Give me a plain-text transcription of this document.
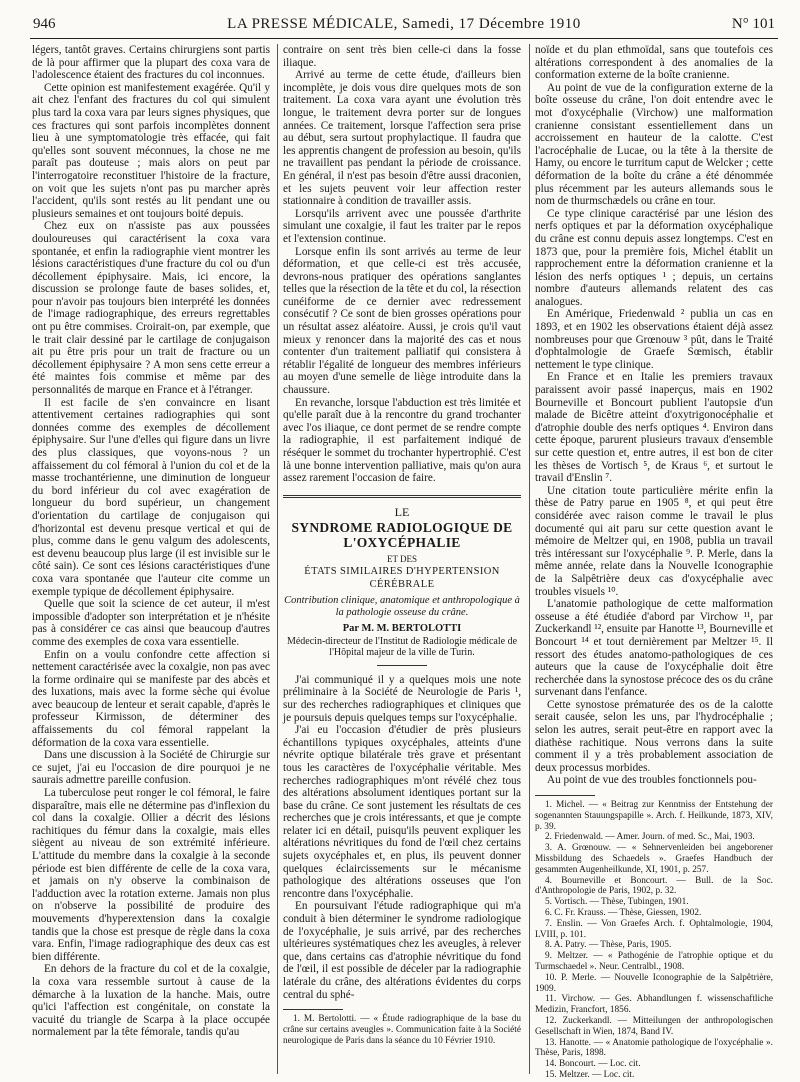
946	LA PRESSE MÉDICALE, Samedi, 17 Décembre 1910	N° 101

légers, tantôt graves. Certains chirurgiens sont partis de là pour affirmer que la plupart des coxa vara de l'adolescence étaient des fractures du col inconnues.

Cette opinion est manifestement exagérée. Qu'il y ait chez l'enfant des fractures du col qui simulent plus tard la coxa vara par leurs signes physiques, que ces fractures qui sont parfois incomplètes donnent lieu à une symptomatologie très effacée, qui fait qu'elles sont souvent méconnues, la chose ne me paraît pas douteuse ; mais alors on peut par l'interrogatoire reconstituer l'histoire de la fracture, on voit que les sujets n'ont pas pu marcher après l'accident, qu'ils sont restés au lit pendant une ou plusieurs semaines et ont toujours boité depuis.

Chez eux on n'assiste pas aux poussées douloureuses qui caractérisent la coxa vara spontanée, et enfin la radiographie vient montrer les lésions caractéristiques d'une fracture du col ou d'un décollement épiphysaire. Mais, ici encore, la discussion se prolonge faute de bases solides, et, pour n'avoir pas toujours bien interprété les données de l'image radiographique, des erreurs regrettables ont pu être commises. Croirait-on, par exemple, que le trait clair dessiné par le cartilage de conjugaison ait pu être pris pour un trait de fracture ou un décollement épiphysaire ? A mon sens cette erreur a été maintes fois commise et même par des personnalités de marque en France et à l'étranger.

Il est facile de s'en convaincre en lisant attentivement certaines radiographies qui sont données comme des exemples de décollement épiphysaire. Sur l'une d'elles qui figure dans un livre des plus classiques, que voyons-nous ? un affaissement du col fémoral à l'union du col et de la masse trochantérienne, une diminution de longueur du bord inférieur du col avec exagération de longueur du bord supérieur, un changement d'orientation du cartilage de conjugaison qui d'horizontal est devenu presque vertical et qui de plus, comme dans le genu valgum des adolescents, est devenu beaucoup plus large (il est invisible sur le côté sain). Ce sont ces lésions caractéristiques d'une coxa vara spontanée que l'auteur cite comme un exemple typique de décollement épiphysaire.

Quelle que soit la science de cet auteur, il m'est impossible d'adopter son interprétation et je n'hésite pas à considérer ce cas ainsi que beaucoup d'autres comme des exemples de coxa vara essentielle.

Enfin on a voulu confondre cette affection si nettement caractérisée avec la coxalgie, non pas avec la forme ordinaire qui se manifeste par des abcès et des luxations, mais avec la forme sèche qui évolue avec beaucoup de lenteur et serait capable, d'après le professeur Kirmisson, de déterminer des affaissements du col fémoral rappelant la déformation de la coxa vara essentielle.

Dans une discussion à la Société de Chirurgie sur ce sujet, j'ai eu l'occasion de dire pourquoi je ne saurais admettre pareille confusion.

La tuberculose peut ronger le col fémoral, le faire disparaître, mais elle ne détermine pas d'inflexion du col dans la coxalgie. Ollier a décrit des lésions rachitiques du fémur dans la coxalgie, mais elles siègent au niveau de son extrémité inférieure. L'attitude du membre dans la coxalgie à la seconde période est bien différente de celle de la coxa vara, et jamais on n'y observe la combinaison de l'adduction avec la rotation externe. Jamais non plus on n'observe la possibilité de produire des mouvements d'hyperextension dans la coxalgie tandis que la chose est presque de règle dans la coxa vara. Enfin, l'image radiographique des deux cas est bien différente.

En dehors de la fracture du col et de la coxalgie, la coxa vara ressemble surtout à cause de la démarche à la luxation de la hanche. Mais, outre qu'ici l'affection est congénitale, on constate la vacuité du triangle de Scarpa à la place occupée normalement par la tête fémorale, tandis qu'au

contraire on sent très bien celle-ci dans la fosse iliaque.

Arrivé au terme de cette étude, d'ailleurs bien incomplète, je dois vous dire quelques mots de son traitement. La coxa vara ayant une évolution très longue, le traitement devra porter sur de longues années. Ce traitement, lorsque l'affection sera prise au début, sera surtout prophylactique. Il faudra que les apprentis changent de profession au besoin, qu'ils ne travaillent pas pendant la période de croissance. En général, il n'est pas besoin d'être aussi draconien, et les sujets peuvent voir leur affection rester stationnaire à condition de travailler assis.

Lorsqu'ils arrivent avec une poussée d'arthrite simulant une coxalgie, il faut les traiter par le repos et l'extension continue.

Lorsque enfin ils sont arrivés au terme de leur déformation, et que celle-ci est très accusée, devrons-nous pratiquer des opérations sanglantes telles que la résection de la tête et du col, la résection cunéiforme de ce dernier avec redressement consécutif ? Ce sont de bien grosses opérations pour un résultat assez aléatoire. Aussi, je crois qu'il vaut mieux y renoncer dans la majorité des cas et nous contenter d'un traitement palliatif qui consistera à rétablir l'égalité de longueur des membres inférieurs au moyen d'une semelle de liège introduite dans la chaussure.

En revanche, lorsque l'abduction est très limitée et qu'elle paraît due à la rencontre du grand trochanter avec l'os iliaque, ce dont permet de se rendre compte la radiographie, il est parfaitement indiqué de réséquer le sommet du trochanter hypertrophié. C'est là une bonne intervention palliative, mais qu'on aura assez rarement l'occasion de faire.

LE
SYNDROME RADIOLOGIQUE DE L'OXYCÉPHALIE
ET DES
ÉTATS SIMILAIRES D'HYPERTENSION CÉRÉBRALE
Contribution clinique, anatomique et anthropologique à la pathologie osseuse du crâne.
Par M. M. BERTOLOTTI
Médecin-directeur de l'Institut de Radiologie médicale de l'Hôpital majeur de la ville de Turin.

J'ai communiqué il y a quelques mois une note préliminaire à la Société de Neurologie de Paris ¹, sur des recherches radiographiques et cliniques que je poursuis depuis quelques temps sur l'oxycéphalie.

J'ai eu l'occasion d'étudier de près plusieurs échantillons typiques oxycéphales, atteints d'une névrite optique bilatérale très grave et présentant tous les caractères de l'oxycéphalie véritable. Mes recherches radiographiques m'ont révélé chez tous des altérations absolument identiques portant sur la base du crâne. Ce sont justement les résultats de ces recherches que je crois intéressants, et que je compte relater ici en détail, puisqu'ils peuvent expliquer les altérations névritiques du fond de l'œil chez certains sujets oxycéphales et, en plus, ils peuvent donner quelques éclaircissements sur le mécanisme pathologique des altérations osseuses que l'on rencontre dans l'oxycéphalie.

En poursuivant l'étude radiographique qui m'a conduit à bien déterminer le syndrome radiologique de l'oxycéphalie, je suis arrivé, par des recherches ultérieures systématiques chez les aveugles, à relever que, dans certains cas d'atrophie névritique du fond de l'œil, il est possible de déceler par la radiographie latérale du crâne, des altérations évidentes du corps central du sphé-

1. M. Bertolotti. — « Étude radiographique de la base du crâne sur certains aveugles ». Communication faite à la Société neurologique de Paris dans la séance du 10 Février 1910.

noïde et du plan ethmoïdal, sans que toutefois ces altérations correspondent à des anomalies de la conformation externe de la boîte cranienne.

Au point de vue de la configuration externe de la boîte osseuse du crâne, l'on doit entendre avec le mot d'oxycéphalie (Virchow) une malformation cranienne consistant essentiellement dans un accroissement en hauteur de la calotte. C'est l'acrocéphalie de Lucae, ou la tête à la thersite de Hamy, ou encore le turritum caput de Welcker ; cette déformation de la boîte du crâne a été dénommée plus récemment par les auteurs allemands sous le nom de thurmschædels ou crâne en tour.

Ce type clinique caractérisé par une lésion des nerfs optiques et par la déformation oxycéphalique du crâne est connu depuis assez longtemps. C'est en 1873 que, pour la première fois, Michel établit un rapprochement entre la déformation cranienne et la lésion des nerfs optiques ¹ ; depuis, un certains nombre d'auteurs allemands relatent des cas analogues.

En Amérique, Friedenwald ² publia un cas en 1893, et en 1902 les observations étaient déjà assez nombreuses pour que Grœnouw ³ pût, dans le Traité d'ophtalmologie de Graefe Sœmisch, établir nettement le type clinique.

En France et en Italie les premiers travaux paraissent avoir passé inaperçus, mais en 1902 Bourneville et Boncourt publient l'autopsie d'un malade de Bicêtre atteint d'oxytrigonocéphalie et d'atrophie double des nerfs optiques ⁴. Environ dans cette époque, parurent plusieurs travaux d'ensemble sur cette question et, entre autres, il est bon de citer les thèses de Vortisch ⁵, de Kraus ⁶, et surtout le travail d'Enslin ⁷.

Une citation toute particulière mérite enfin la thèse de Patry parue en 1905 ⁸, et qui peut être considérée avec raison comme le travail le plus documenté qui ait paru sur cette question avant le mémoire de Meltzer qui, en 1908, publia un travail très intéressant sur l'oxycéphalie ⁹. P. Merle, dans la même année, relate dans la Nouvelle Iconographie de la Salpêtrière deux cas d'oxycéphalie avec troubles visuels ¹⁰.

L'anatomie pathologique de cette malformation osseuse a été étudiée d'abord par Virchow ¹¹, par Zuckerkandl ¹², ensuite par Hanotte ¹³, Bourneville et Boncourt ¹⁴ et tout dernièrement par Meltzer ¹⁵. Il ressort des études anatomo-pathologiques de ces auteurs que la cause de l'oxycéphalie doit être recherchée dans la synostose précoce des os du crâne survenant dans l'enfance.

Cette synostose prématurée des os de la calotte serait causée, selon les uns, par l'hydrocéphalie ; selon les autres, serait peut-être en rapport avec la diathèse rachitique. Nous verrons dans la suite comment il y a très probablement association de deux processus morbides.

Au point de vue des troubles fonctionnels pou-

1. Michel. — « Beitrag zur Kenntniss der Entstehung der sogenannten Stauungspapille ». Arch. f. Heilkunde, 1873, XIV, p. 39.
2. Friedenwald. — Amer. Journ. of med. Sc., Mai, 1903.
3. A. Grœnouw. — « Sehnervenleiden bei angeborener Missbildung des Schaedels ». Graefes Handbuch der gesammten Augenheilkunde, XI, 1901, p. 257.
4. Bourneville et Boncourt. — Bull. de la Soc. d'Anthropologie de Paris, 1902, p. 32.
5. Vortisch. — Thèse, Tubingen, 1901.
6. C. Fr. Krauss. — Thèse, Giessen, 1902.
7. Enslin. — Von Graefes Arch. f. Ophtalmologie, 1904, LVIII, p. 101.
8. A. Patry. — Thèse, Paris, 1905.
9. Meltzer. — « Pathogénie de l'atrophie optique et du Turmschaedel ». Neur. Centralbl., 1908.
10. P. Merle. — Nouvelle Iconographie de la Salpêtrière, 1909.
11. Virchow. — Ges. Abhandlungen f. wissenschaftliche Medizin, Francfort, 1856.
12. Zuckerkandl. — Mitteilungen der anthropologischen Gesellschaft in Wien, 1874, Band IV.
13. Hanotte. — « Anatomie pathologique de l'oxycéphalie ». Thèse, Paris, 1898.
14. Boncourt. — Loc. cit.
15. Meltzer. — Loc. cit.
